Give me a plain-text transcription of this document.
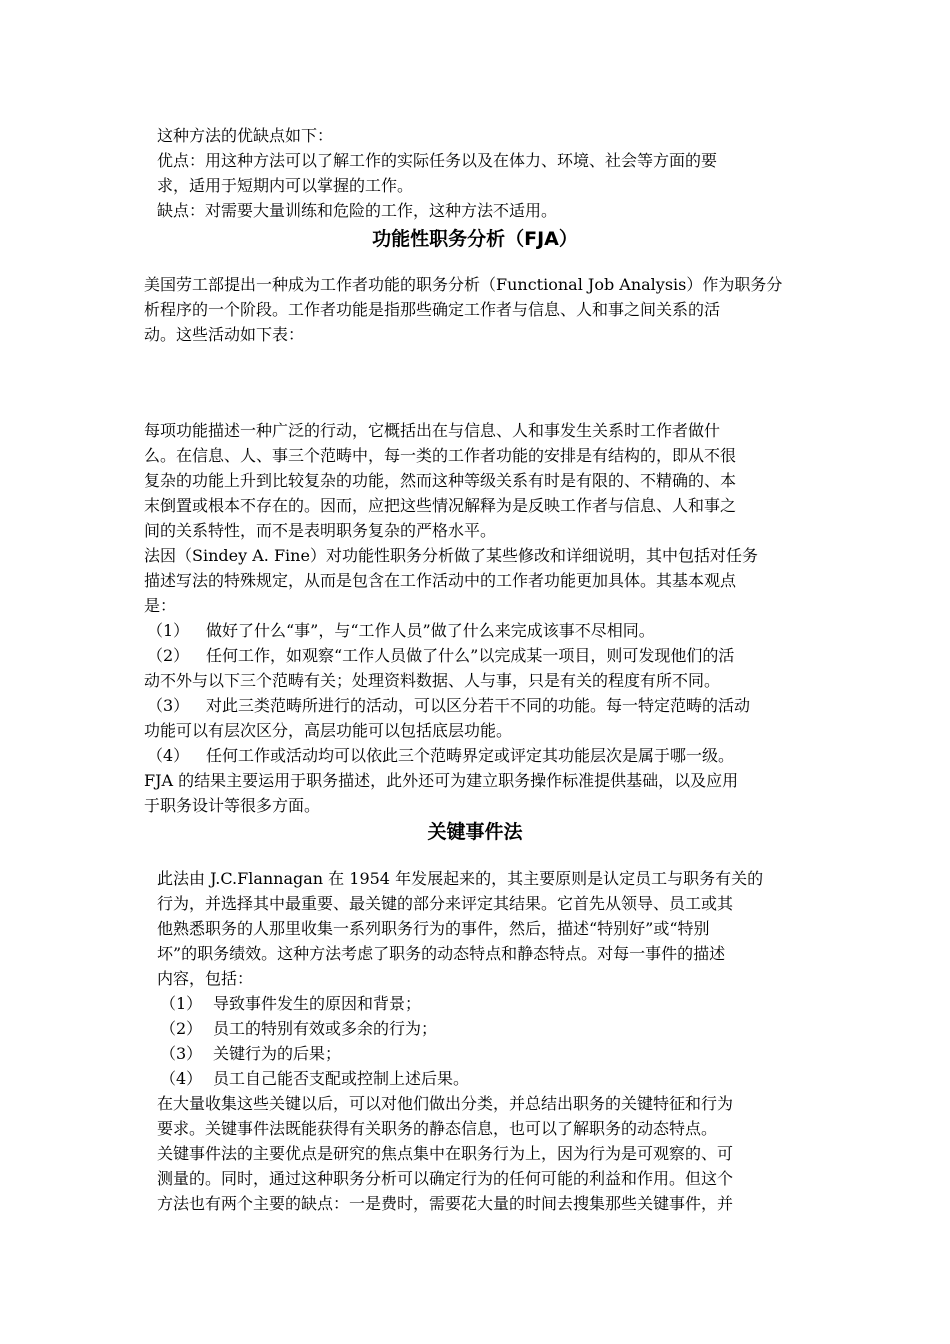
这种方法的优缺点如下：
优点：用这种方法可以了解工作的实际任务以及在体力、环境、社会等方面的要
求，适用于短期内可以掌握的工作。
缺点：对需要大量训练和危险的工作，这种方法不适用。
功能性职务分析（FJA）
美国劳工部提出一种成为工作者功能的职务分析（Functional Job Analysis）作为职务分
析程序的一个阶段。工作者功能是指那些确定工作者与信息、人和事之间关系的活
动。这些活动如下表：
每项功能描述一种广泛的行动，它概括出在与信息、人和事发生关系时工作者做什
么。在信息、人、事三个范畴中，每一类的工作者功能的安排是有结构的，即从不很
复杂的功能上升到比较复杂的功能，然而这种等级关系有时是有限的、不精确的、本
末倒置或根本不存在的。因而，应把这些情况解释为是反映工作者与信息、人和事之
间的关系特性，而不是表明职务复杂的严格水平。
法因（Sindey A. Fine）对功能性职务分析做了某些修改和详细说明，其中包括对任务
描述写法的特殊规定，从而是包含在工作活动中的工作者功能更加具体。其基本观点
是：
（1） 做好了什么“事”，与“工作人员”做了什么来完成该事不尽相同。
（2） 任何工作，如观察“工作人员做了什么”以完成某一项目，则可发现他们的活
动不外与以下三个范畴有关；处理资料数据、人与事，只是有关的程度有所不同。
（3） 对此三类范畴所进行的活动，可以区分若干不同的功能。每一特定范畴的活动
功能可以有层次区分，高层功能可以包括底层功能。
（4） 任何工作或活动均可以依此三个范畴界定或评定其功能层次是属于哪一级。
FJA 的结果主要运用于职务描述，此外还可为建立职务操作标准提供基础，以及应用
于职务设计等很多方面。
关键事件法
此法由 J.C.Flannagan 在 1954 年发展起来的，其主要原则是认定员工与职务有关的
行为，并选择其中最重要、最关键的部分来评定其结果。它首先从领导、员工或其
他熟悉职务的人那里收集一系列职务行为的事件，然后，描述“特别好”或“特别
坏”的职务绩效。这种方法考虑了职务的动态特点和静态特点。对每一事件的描述
内容，包括：
（1） 导致事件发生的原因和背景；
（2） 员工的特别有效或多余的行为；
（3） 关键行为的后果；
（4） 员工自己能否支配或控制上述后果。
在大量收集这些关键以后，可以对他们做出分类，并总结出职务的关键特征和行为
要求。关键事件法既能获得有关职务的静态信息，也可以了解职务的动态特点。
关键事件法的主要优点是研究的焦点集中在职务行为上，因为行为是可观察的、可
测量的。同时，通过这种职务分析可以确定行为的任何可能的利益和作用。但这个
方法也有两个主要的缺点：一是费时，需要花大量的时间去搜集那些关键事件，并
